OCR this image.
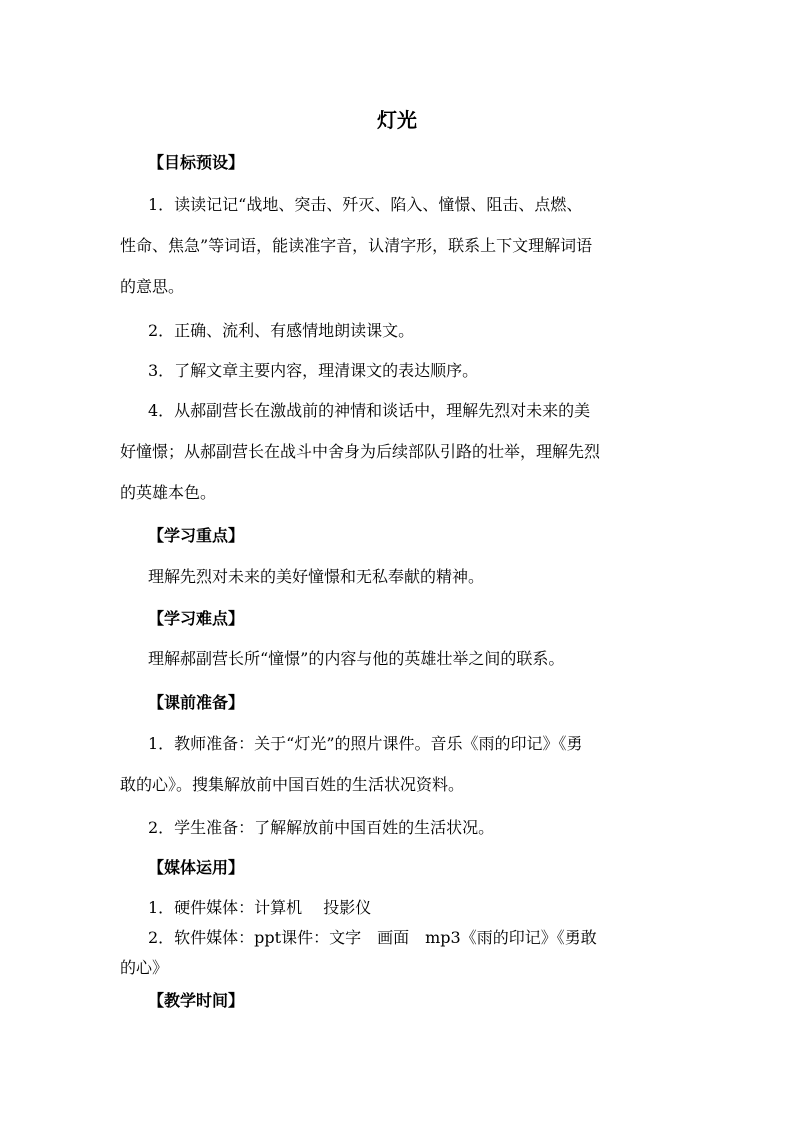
灯光
【目标预设】
1．读读记记“战地、突击、歼灭、陷入、憧憬、阻击、点燃、
性命、焦急”等词语，能读准字音，认清字形，联系上下文理解词语
的意思。
2．正确、流利、有感情地朗读课文。
3．了解文章主要内容，理清课文的表达顺序。
4．从郝副营长在激战前的神情和谈话中，理解先烈对未来的美
好憧憬；从郝副营长在战斗中舍身为后续部队引路的壮举，理解先烈
的英雄本色。
理解先烈对未来的美好憧憬和无私奉献的精神。
理解郝副营长所“憧憬”的内容与他的英雄壮举之间的联系。
1．教师准备：关于“灯光”的照片课件。音乐《雨的印记》《勇
敢的心》。搜集解放前中国百姓的生活状况资料。
2．学生准备：了解解放前中国百姓的生活状况。
1．硬件媒体：计算机　 投影仪
2．软件媒体：ppt课件：文字　画面　mp3《雨的印记》《勇敢
的心》
【学习重点】
【学习难点】
【课前准备】
【媒体运用】
【教学时间】
